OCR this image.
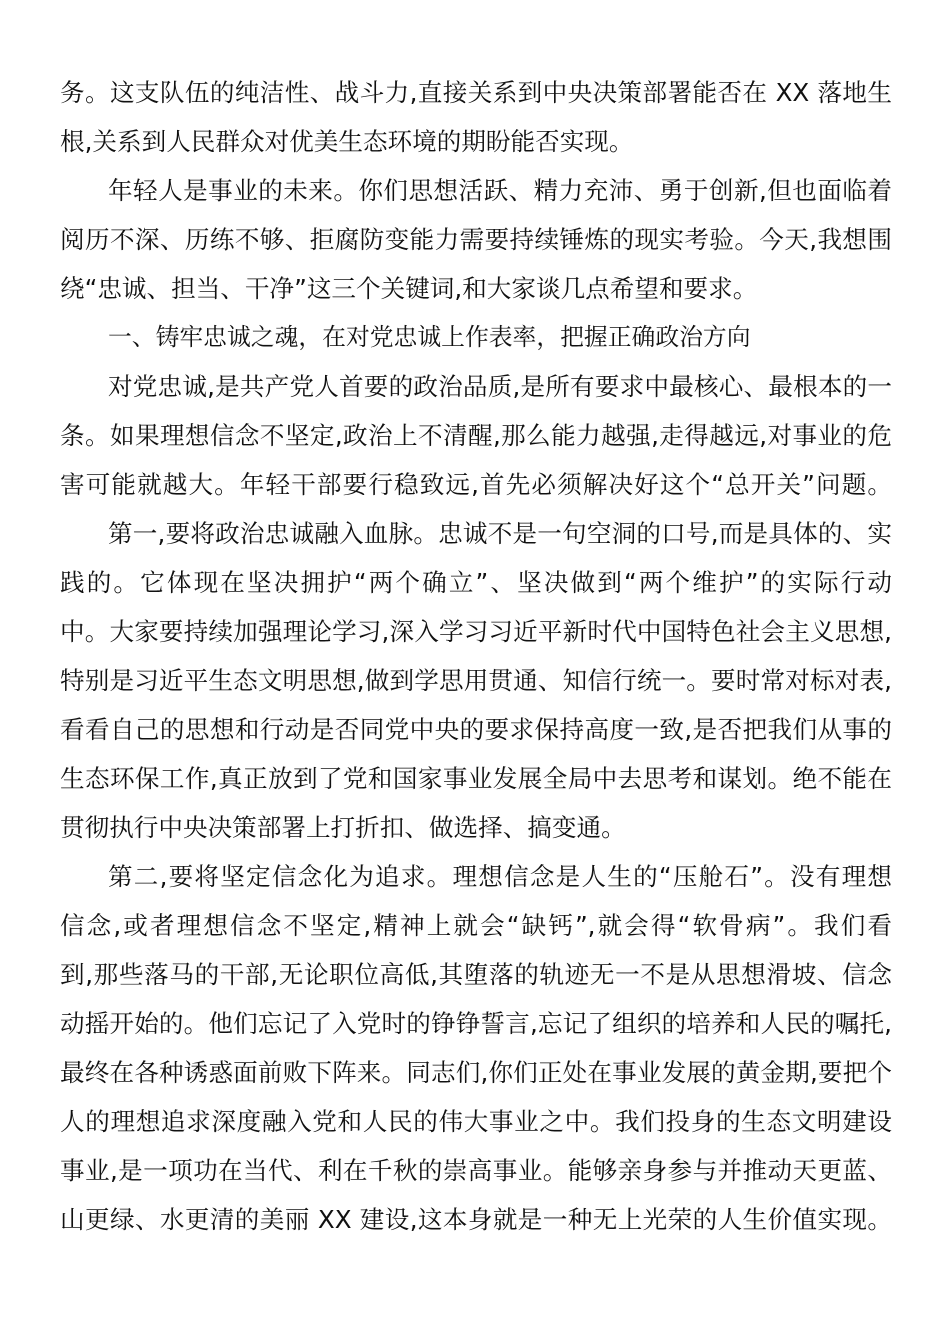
务。这支队伍的纯洁性、战斗力,直接关系到中央决策部署能否在 XX 落地生
根,关系到人民群众对优美生态环境的期盼能否实现。
年轻人是事业的未来。你们思想活跃、精力充沛、勇于创新,但也面临着
阅历不深、历练不够、拒腐防变能力需要持续锤炼的现实考验。今天,我想围
绕“忠诚、担当、干净”这三个关键词,和大家谈几点希望和要求。
一、铸牢忠诚之魂，在对党忠诚上作表率，把握正确政治方向
对党忠诚,是共产党人首要的政治品质,是所有要求中最核心、最根本的一
条。如果理想信念不坚定,政治上不清醒,那么能力越强,走得越远,对事业的危
害可能就越大。年轻干部要行稳致远,首先必须解决好这个“总开关”问题。
第一,要将政治忠诚融入血脉。忠诚不是一句空洞的口号,而是具体的、实
践的。它体现在坚决拥护“两个确立”、坚决做到“两个维护”的实际行动
中。大家要持续加强理论学习,深入学习习近平新时代中国特色社会主义思想,
特别是习近平生态文明思想,做到学思用贯通、知信行统一。要时常对标对表,
看看自己的思想和行动是否同党中央的要求保持高度一致,是否把我们从事的
生态环保工作,真正放到了党和国家事业发展全局中去思考和谋划。绝不能在
贯彻执行中央决策部署上打折扣、做选择、搞变通。
第二,要将坚定信念化为追求。理想信念是人生的“压舱石”。没有理想
信念,或者理想信念不坚定,精神上就会“缺钙”,就会得“软骨病”。我们看
到,那些落马的干部,无论职位高低,其堕落的轨迹无一不是从思想滑坡、信念
动摇开始的。他们忘记了入党时的铮铮誓言,忘记了组织的培养和人民的嘱托,
最终在各种诱惑面前败下阵来。同志们,你们正处在事业发展的黄金期,要把个
人的理想追求深度融入党和人民的伟大事业之中。我们投身的生态文明建设
事业,是一项功在当代、利在千秋的崇高事业。能够亲身参与并推动天更蓝、
山更绿、水更清的美丽 XX 建设,这本身就是一种无上光荣的人生价值实现。
